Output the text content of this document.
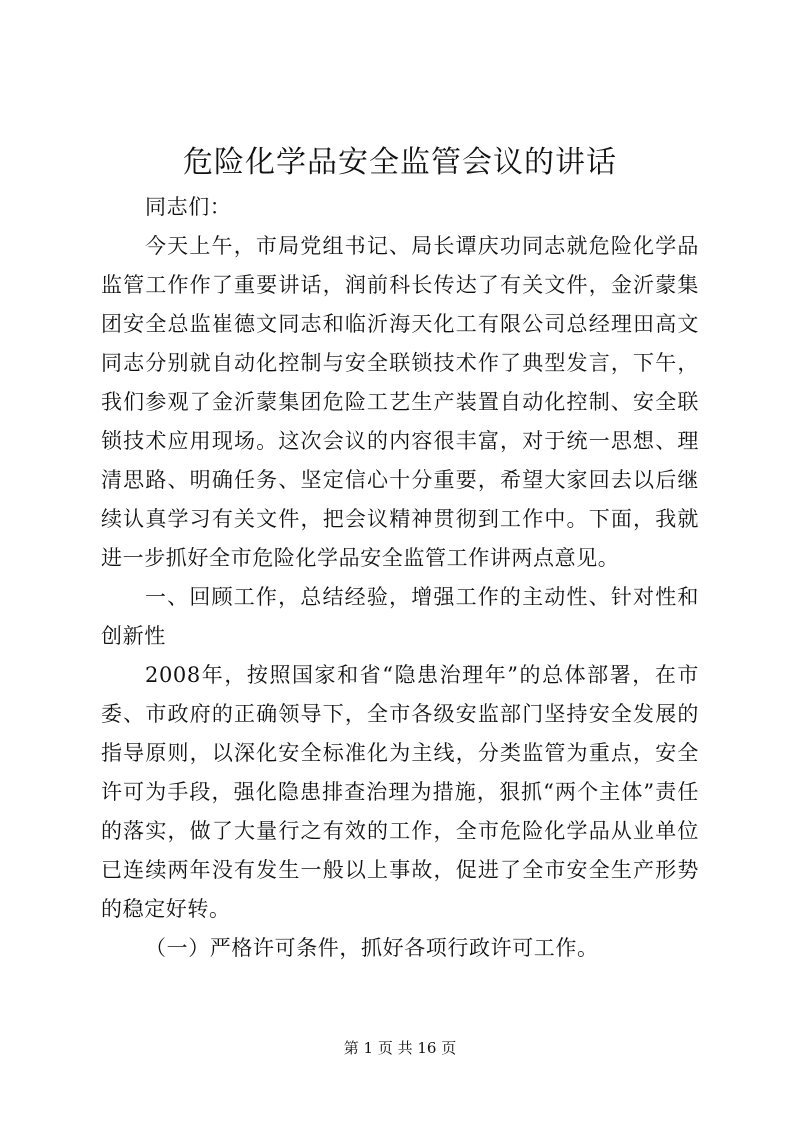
危险化学品安全监管会议的讲话

同志们：

今天上午，市局党组书记、局长谭庆功同志就危险化学品监管工作作了重要讲话，润前科长传达了有关文件，金沂蒙集团安全总监崔德文同志和临沂海天化工有限公司总经理田高文同志分别就自动化控制与安全联锁技术作了典型发言，下午，我们参观了金沂蒙集团危险工艺生产装置自动化控制、安全联锁技术应用现场。这次会议的内容很丰富，对于统一思想、理清思路、明确任务、坚定信心十分重要，希望大家回去以后继续认真学习有关文件，把会议精神贯彻到工作中。下面，我就进一步抓好全市危险化学品安全监管工作讲两点意见。

一、回顾工作，总结经验，增强工作的主动性、针对性和创新性

2008年，按照国家和省“隐患治理年”的总体部署，在市委、市政府的正确领导下，全市各级安监部门坚持安全发展的指导原则，以深化安全标准化为主线，分类监管为重点，安全许可为手段，强化隐患排查治理为措施，狠抓“两个主体”责任的落实，做了大量行之有效的工作，全市危险化学品从业单位已连续两年没有发生一般以上事故，促进了全市安全生产形势的稳定好转。

（一）严格许可条件，抓好各项行政许可工作。

第 1 页 共 16 页
